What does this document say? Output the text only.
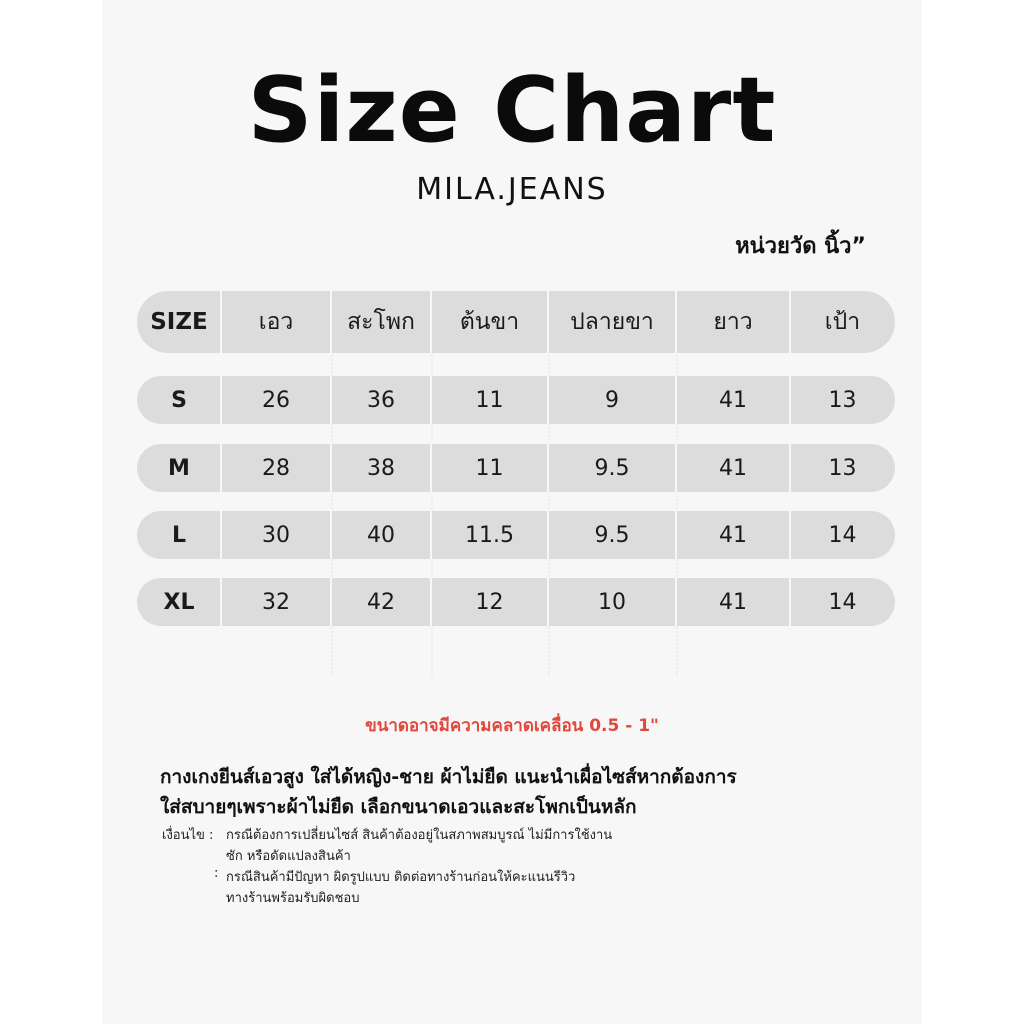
Size Chart
MILA.JEANS
หน่วยวัด นิ้ว”
SIZE	เอว	สะโพก	ต้นขา	ปลายขา	ยาว	เป้า
S	26	36	11	9	41	13
M	28	38	11	9.5	41	13
L	30	40	11.5	9.5	41	14
XL	32	42	12	10	41	14
ขนาดอาจมีความคลาดเคลื่อน 0.5 - 1"
กางเกงยีนส์เอวสูง ใส่ได้หญิง-ชาย ผ้าไม่ยืด แนะนำเผื่อไซส์หากต้องการ
ใส่สบายๆเพราะผ้าไม่ยืด เลือกขนาดเอวและสะโพกเป็นหลัก
เงื่อนไข : กรณีต้องการเปลี่ยนไซส์ สินค้าต้องอยู่ในสภาพสมบูรณ์ ไม่มีการใช้งาน
ซัก หรือดัดแปลงสินค้า
: กรณีสินค้ามีปัญหา ผิดรูปแบบ ติดต่อทางร้านก่อนให้คะแนนรีวิว
ทางร้านพร้อมรับผิดชอบ
